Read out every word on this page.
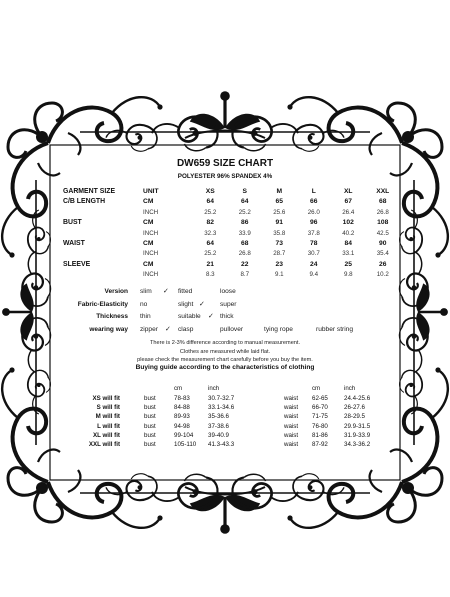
DW659 SIZE CHART
POLYESTER 96% SPANDEX 4%
GARMENT SIZE	UNIT	XS	S	M	L	XL	XXL
C/B LENGTH	CM	64	64	65	66	67	68
	INCH	25.2	25.2	25.6	26.0	26.4	26.8
BUST	CM	82	86	91	96	102	108
	INCH	32.3	33.9	35.8	37.8	40.2	42.5
WAIST	CM	64	68	73	78	84	90
	INCH	25.2	26.8	28.7	30.7	33.1	35.4
SLEEVE	CM	21	22	23	24	25	26
	INCH	8.3	8.7	9.1	9.4	9.8	10.2
Version slim ✓ fitted	loose
Fabric-Elasticity no	slight ✓ super
Thickness thin	suitable ✓ thick
wearing way zipper ✓ clasp	pullover	tying rope	rubber string
There is 2-3% difference according to manual measurement.
Clothes are measured while laid flat.
please check the measurement chart carefully before you buy the item.
Buying guide according to the characteristics of clothing
cm	inch	cm	inch
XS will fit	bust	78-83	30.7-32.7	waist 62-65	24.4-25.6
S will fit	bust	84-88	33.1-34.6	waist 66-70	26-27.6
M will fit	bust	89-93	35-36.6	waist 71-75	28-29.5
L will fit	bust	94-98	37-38.6	waist 76-80	29.9-31.5
XL will fit	bust	99-104 39-40.9	waist 81-86	31.9-33.9
XXL will fit	bust	105-110 41.3-43.3	waist 87-92	34.3-36.2
